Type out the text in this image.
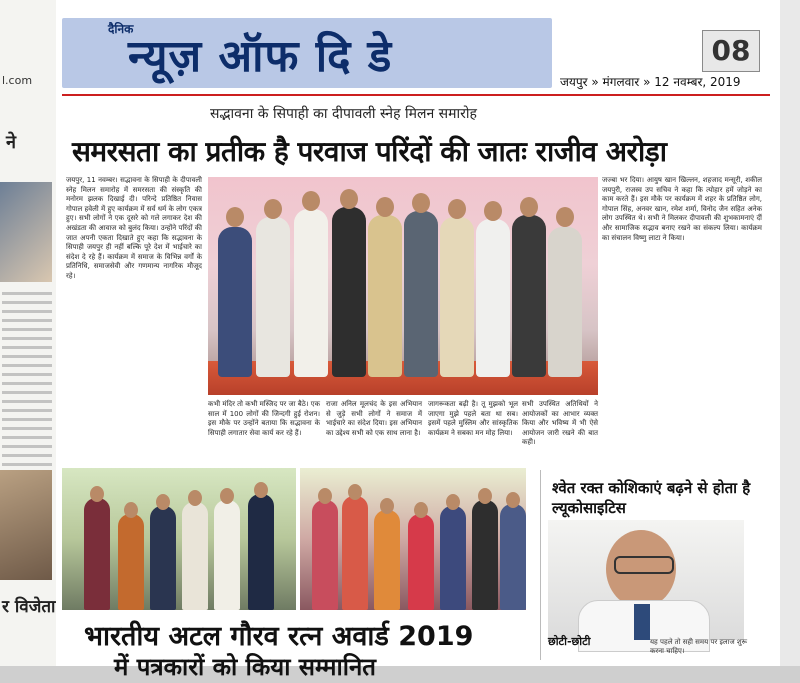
l.com
ने
र विजेता
दैनिक
न्यूज़ ऑफ दि डे	08
जयपुर » मंगलवार » 12 नवम्बर, 2019
सद्भावना के सिपाही का दीपावली स्नेह मिलन समारोह
समरसता का प्रतीक है परवाज परिंदों की जातः राजीव अरोड़ा
जयपुर, 11 नवम्बर। सद्भावना के सिपाही के दीपावली स्नेह मिलन समारोह में समरसता की संस्कृति की मनोरम झलक दिखाई दी। परिन्दे प्रतिष्ठित निवास गोपाल हवेली में हुए कार्यक्रम में सर्व धर्म के लोग एकत्र हुए। सभी लोगों ने एक दूसरे को गले लगाकर देश की अखंडता की आवाज को बुलंद किया। उन्होंने परिंदों की जात अपनी एकता दिखाते हुए कहा कि सद्भावना के सिपाही जयपुर ही नहीं बल्कि पूरे देश में भाईचारे का संदेश दे रहे हैं। कार्यक्रम में समाज के विभिन्न वर्गों के प्रतिनिधि, समाजसेवी और गणमान्य नागरिक मौजूद रहे।
जज्बा भर दिया। आयुष खान खिल्लन, शहजाद मन्सूरी, शकील जयपुरी, राजस्व उप सचिव ने कहा कि त्योहार हमें जोड़ने का काम करते हैं। इस मौके पर कार्यक्रम में शहर के प्रतिष्ठित लोग, गोपाल सिंह, अनवर खान, रमेश शर्मा, विनोद जैन सहित अनेक लोग उपस्थित थे। सभी ने मिलकर दीपावली की शुभकामनाएं दीं और सामाजिक सद्भाव बनाए रखने का संकल्प लिया। कार्यक्रम का संचालन विष्णु लाटा ने किया।
कभी मंदिर तो कभी मस्जिद पर जा बैठे। एक साल में 100 लोगों की जिन्दगी हुई रोशन। इस मौके पर उन्होंने बताया कि सद्भावना के सिपाही लगातार सेवा कार्य कर रहे हैं।
राजा अनिल मूलचंद के इस अभियान से जुड़े सभी लोगों ने समाज में भाईचारे का संदेश दिया। इस अभियान का उद्देश्य सभी को एक साथ लाना है।
जागरूकता बढ़ी है। तू मुझको भूल जाएगा मुझे पहले बता था सब। इसमें पहले मुस्लिम और सांस्कृतिक कार्यक्रम ने सबका मन मोह लिया।
सभी उपस्थित अतिथियों ने आयोजकों का आभार व्यक्त किया और भविष्य में भी ऐसे आयोजन जारी रखने की बात कही।
भारतीय अटल गौरव रत्न अवार्ड 2019
में पत्रकारों को किया सम्मानित
श्वेत रक्त कोशिकाएं बढ़ने से होता है ल्यूकोसाइटिस
छोटी-छोटी	यह पहले तो सही समय पर इलाज शुरू करना चाहिए।
